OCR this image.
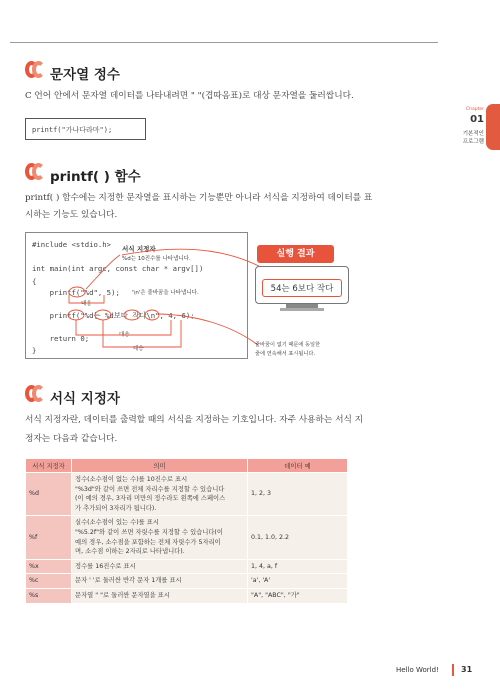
문자열 정수
C 언어 안에서 문자열 데이터를 나타내려면 " "(겹따옴표)로 대상 문자열을 둘러쌉니다.
printf("가나다라마");
Chapter
01
기본적인
프로그램
printf( ) 함수
printf( ) 함수에는 지정한 문자열을 표시하는 기능뿐만 아니라 서식을 지정하여 데이터를 표
시하는 기능도 있습니다.
#include <stdio.h>
int main(int argc, const char * argv[])
{
printf("%d", 5);
printf("%d는 %d보다 작다\n", 4, 6);
return 0;
}
서식 지정자
%d는 10진수를 나타냅니다.
'\n'은 줄바꿈을 나타냅니다.
대응
대응
대응
실행 결과
54는 6보다 작다
줄바꿈이 없기 때문에 동일한
줄에 연속해서 표시됩니다.
서식 지정자
서식 지정자란, 데이터를 출력할 때의 서식을 지정하는 기호입니다. 자주 사용하는 서식 지
정자는 다음과 같습니다.
서식 지정자	의미	데이터 예
%d	정수(소수점이 없는 수)를 10진수로 표시
"%3d"와 같이 쓰면 전체 자리수를 지정할 수 있습니다
(이 예의 경우, 3자리 미만의 정수라도 왼쪽에 스페이스
가 추가되어 3자리가 됩니다).	1, 2, 3
%f	실수(소수점이 있는 수)를 표시
"%5.2f"와 같이 쓰면 자릿수를 지정할 수 있습니다(이
예의 경우, 소수점을 포함하는 전체 자릿수가 5자리이
며, 소수점 이하는 2자리로 나타냅니다).	0.1, 1.0, 2.2
%x	정수를 16진수로 표시	1, 4, a, f
%c	문자 ' '로 둘러싼 반각 문자 1개를 표시	'a', 'A'
%s	문자열 " "로 둘러싼 문자열을 표시	"A", "ABC", "가"
Hello World!	31
